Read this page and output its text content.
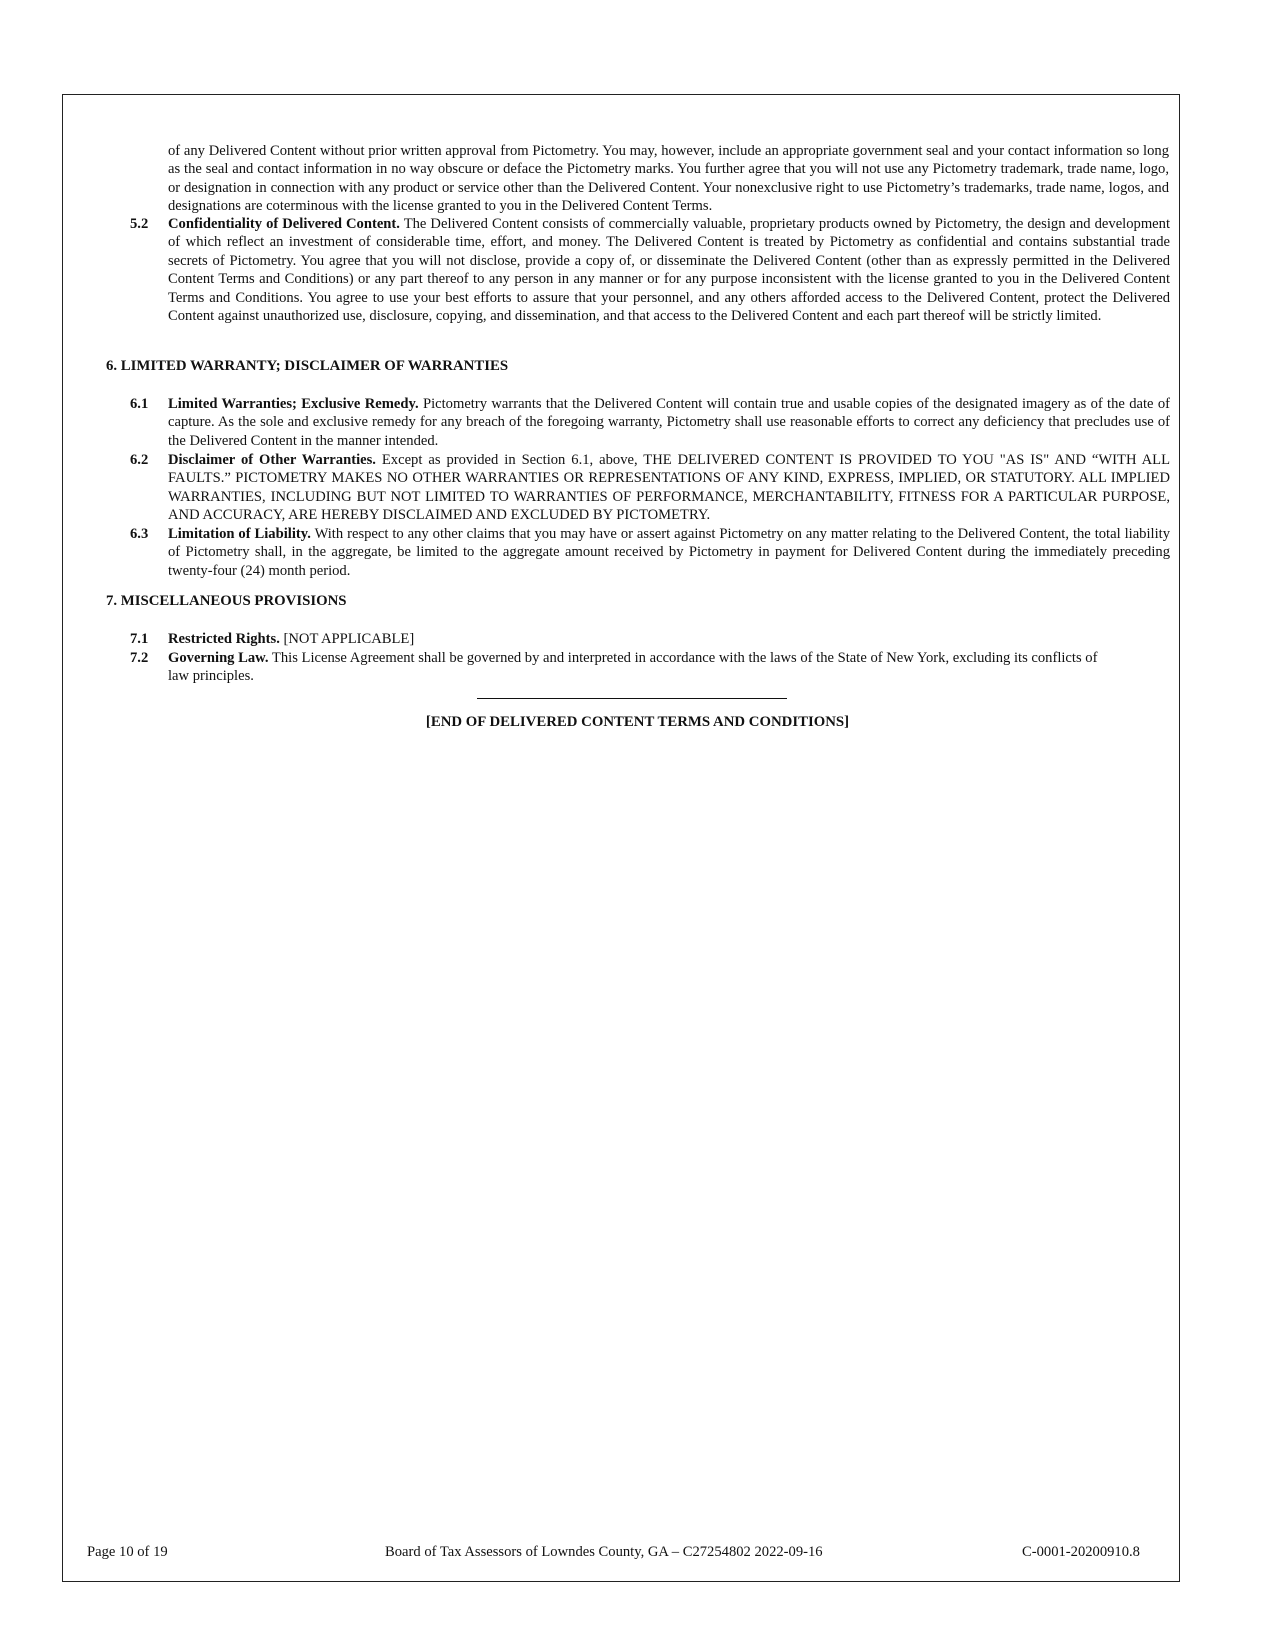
of any Delivered Content without prior written approval from Pictometry. You may, however, include an appropriate government seal and your contact information so long as the seal and contact information in no way obscure or deface the Pictometry marks. You further agree that you will not use any Pictometry trademark, trade name, logo, or designation in connection with any product or service other than the Delivered Content. Your nonexclusive right to use Pictometry’s trademarks, trade name, logos, and designations are coterminous with the license granted to you in the Delivered Content Terms.
5.2 Confidentiality of Delivered Content. The Delivered Content consists of commercially valuable, proprietary products owned by Pictometry, the design and development of which reflect an investment of considerable time, effort, and money. The Delivered Content is treated by Pictometry as confidential and contains substantial trade secrets of Pictometry. You agree that you will not disclose, provide a copy of, or disseminate the Delivered Content (other than as expressly permitted in the Delivered Content Terms and Conditions) or any part thereof to any person in any manner or for any purpose inconsistent with the license granted to you in the Delivered Content Terms and Conditions. You agree to use your best efforts to assure that your personnel, and any others afforded access to the Delivered Content, protect the Delivered Content against unauthorized use, disclosure, copying, and dissemination, and that access to the Delivered Content and each part thereof will be strictly limited.
6. LIMITED WARRANTY; DISCLAIMER OF WARRANTIES
6.1 Limited Warranties; Exclusive Remedy. Pictometry warrants that the Delivered Content will contain true and usable copies of the designated imagery as of the date of capture. As the sole and exclusive remedy for any breach of the foregoing warranty, Pictometry shall use reasonable efforts to correct any deficiency that precludes use of the Delivered Content in the manner intended.
6.2 Disclaimer of Other Warranties. Except as provided in Section 6.1, above, THE DELIVERED CONTENT IS PROVIDED TO YOU "AS IS" AND “WITH ALL FAULTS.” PICTOMETRY MAKES NO OTHER WARRANTIES OR REPRESENTATIONS OF ANY KIND, EXPRESS, IMPLIED, OR STATUTORY. ALL IMPLIED WARRANTIES, INCLUDING BUT NOT LIMITED TO WARRANTIES OF PERFORMANCE, MERCHANTABILITY, FITNESS FOR A PARTICULAR PURPOSE, AND ACCURACY, ARE HEREBY DISCLAIMED AND EXCLUDED BY PICTOMETRY.
6.3 Limitation of Liability. With respect to any other claims that you may have or assert against Pictometry on any matter relating to the Delivered Content, the total liability of Pictometry shall, in the aggregate, be limited to the aggregate amount received by Pictometry in payment for Delivered Content during the immediately preceding twenty-four (24) month period.
7. MISCELLANEOUS PROVISIONS
7.1 Restricted Rights. [NOT APPLICABLE]
7.2 Governing Law. This License Agreement shall be governed by and interpreted in accordance with the laws of the State of New York, excluding its conflicts of law principles.
[END OF DELIVERED CONTENT TERMS AND CONDITIONS]
Page 10 of 19	Board of Tax Assessors of Lowndes County, GA – C27254802 2022-09-16	C-0001-20200910.8
